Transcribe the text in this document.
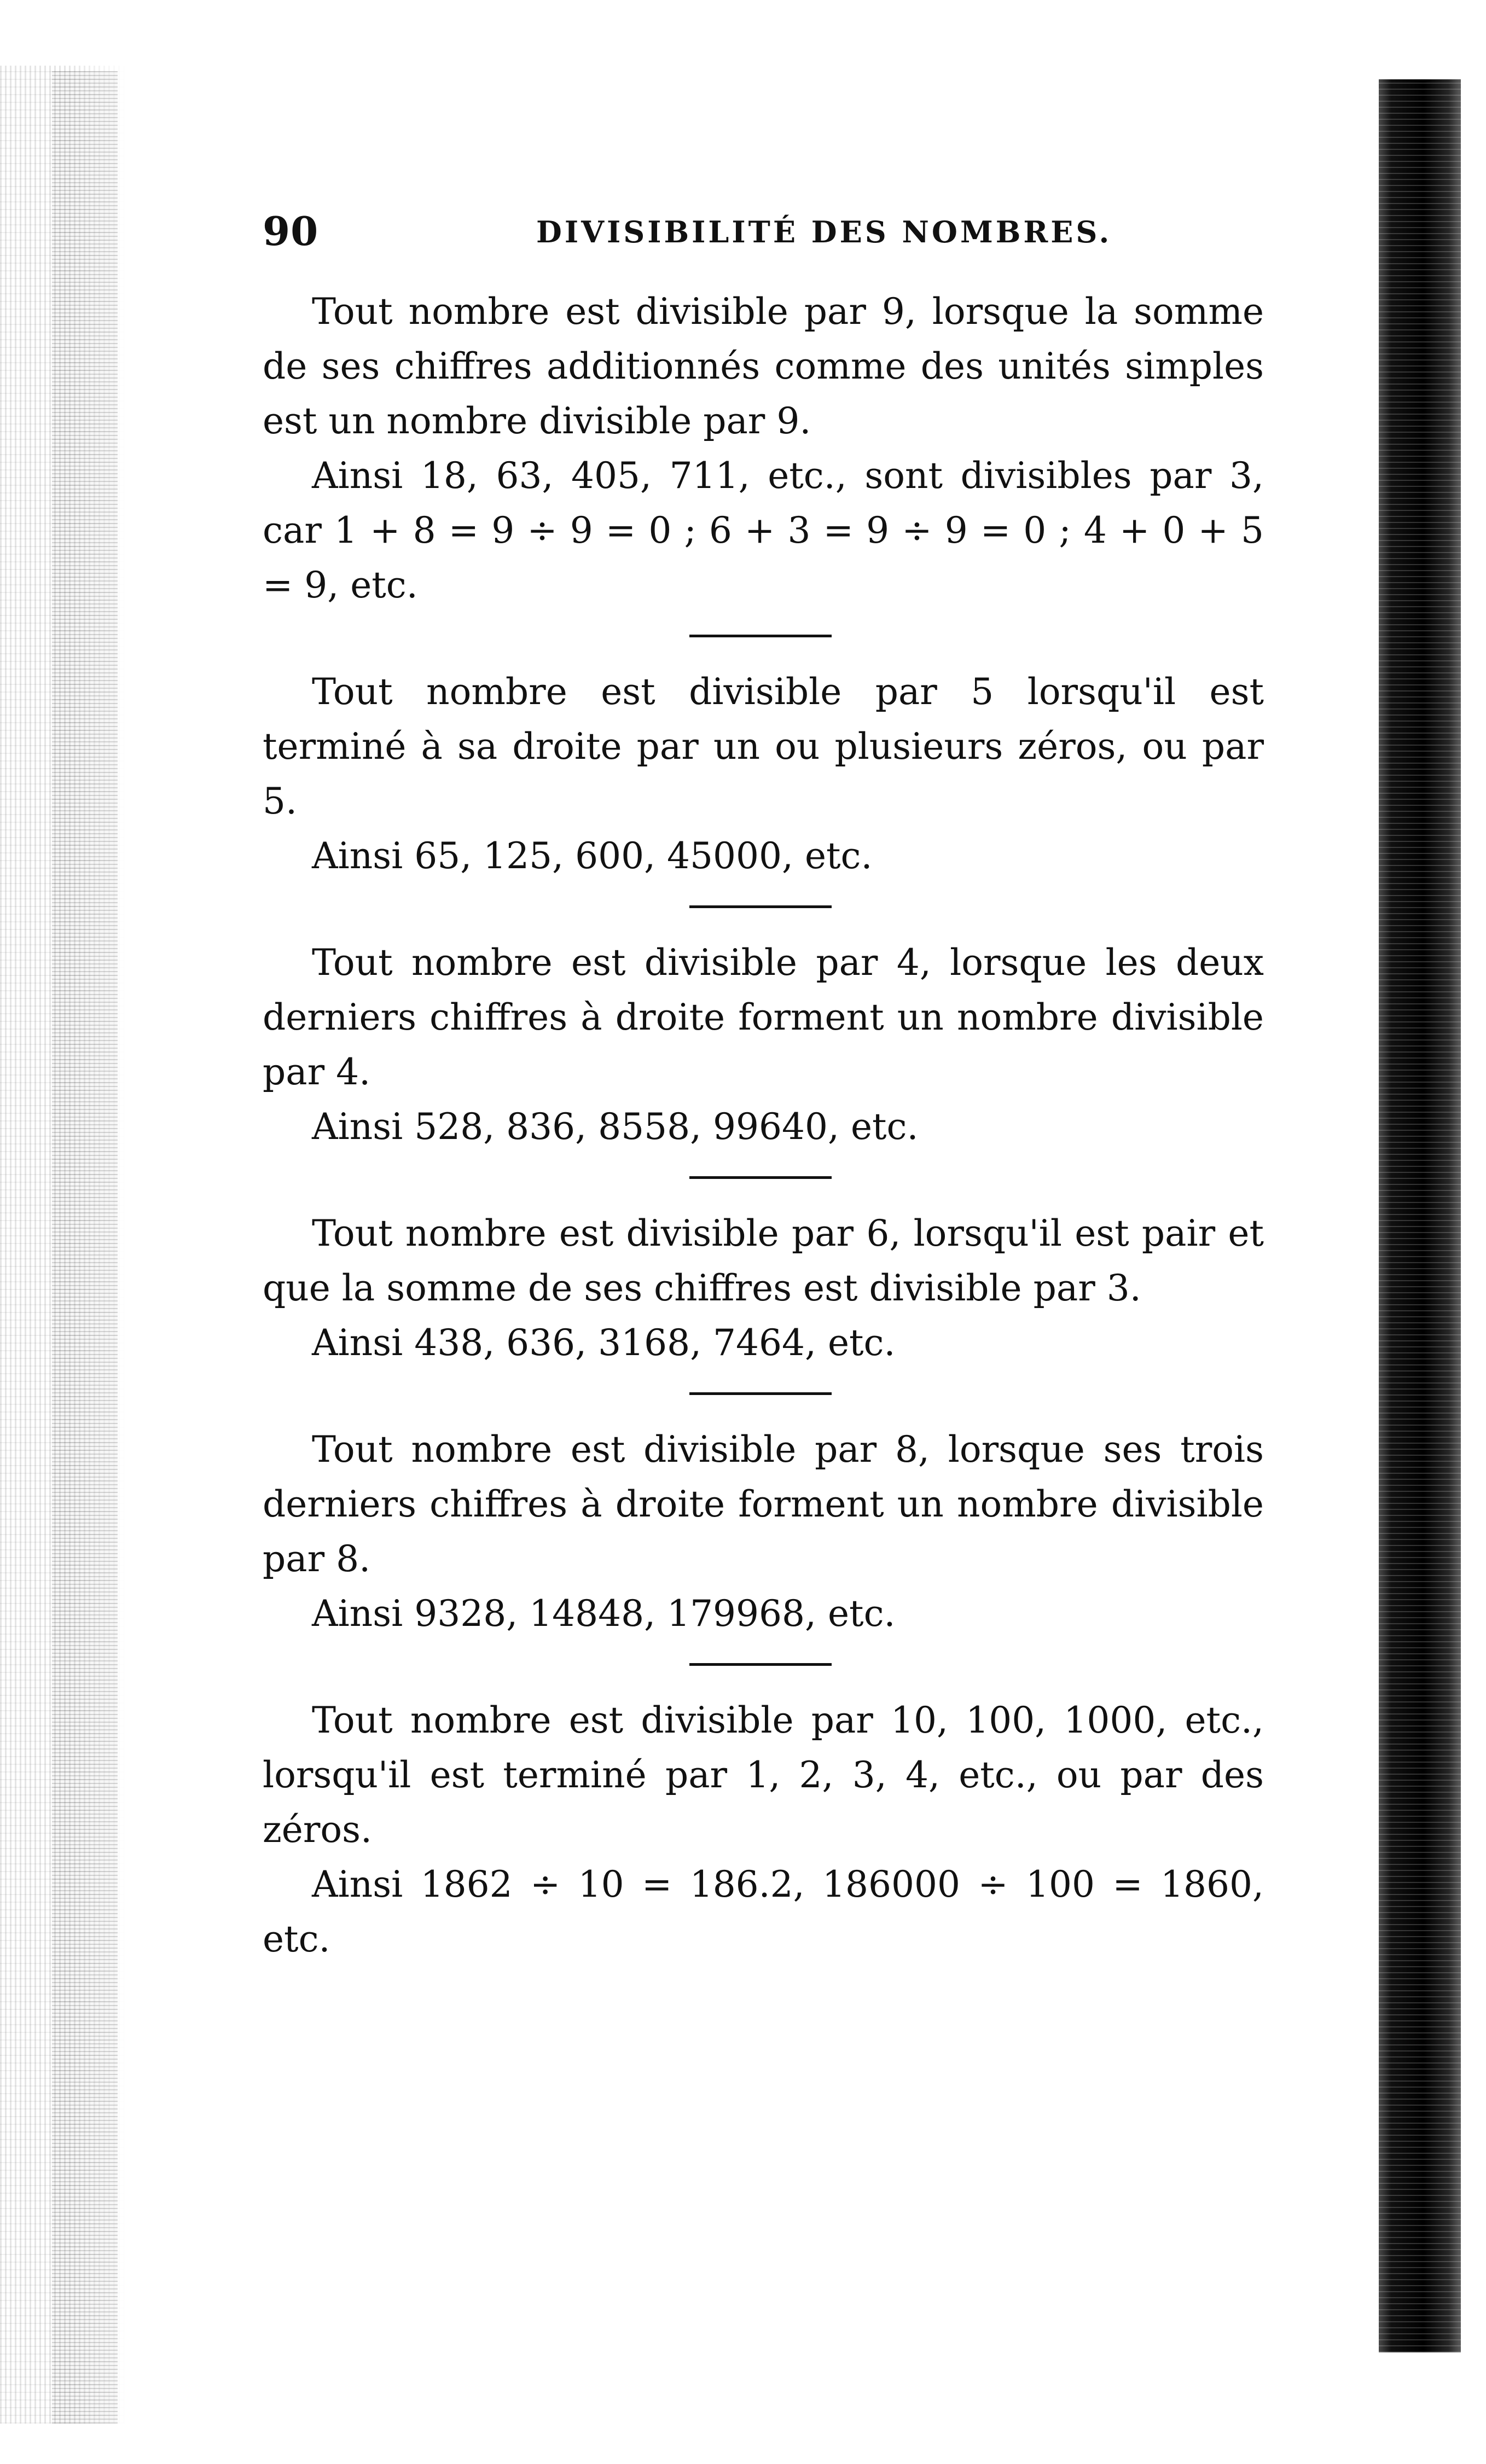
90	DIVISIBILITÉ DES NOMBRES.

Tout nombre est divisible par 9, lorsque la somme de ses chiffres additionnés comme des unités simples est un nombre divisible par 9.

Ainsi 18, 63, 405, 711, etc., sont divisibles par 3, car 1 + 8 = 9 ÷ 9 = 0 ; 6 + 3 = 9 ÷ 9 = 0 ; 4 + 0 + 5 = 9, etc.

Tout nombre est divisible par 5 lorsqu'il est terminé à sa droite par un ou plusieurs zéros, ou par 5.

Ainsi 65, 125, 600, 45000, etc.

Tout nombre est divisible par 4, lorsque les deux derniers chiffres à droite forment un nombre divisible par 4.

Ainsi 528, 836, 8558, 99640, etc.

Tout nombre est divisible par 6, lorsqu'il est pair et que la somme de ses chiffres est divisible par 3.

Ainsi 438, 636, 3168, 7464, etc.

Tout nombre est divisible par 8, lorsque ses trois derniers chiffres à droite forment un nombre divisible par 8.

Ainsi 9328, 14848, 179968, etc.

Tout nombre est divisible par 10, 100, 1000, etc., lorsqu'il est terminé par 1, 2, 3, 4, etc., ou par des zéros.

Ainsi 1862 ÷ 10 = 186.2, 186000 ÷ 100 = 1860, etc.
